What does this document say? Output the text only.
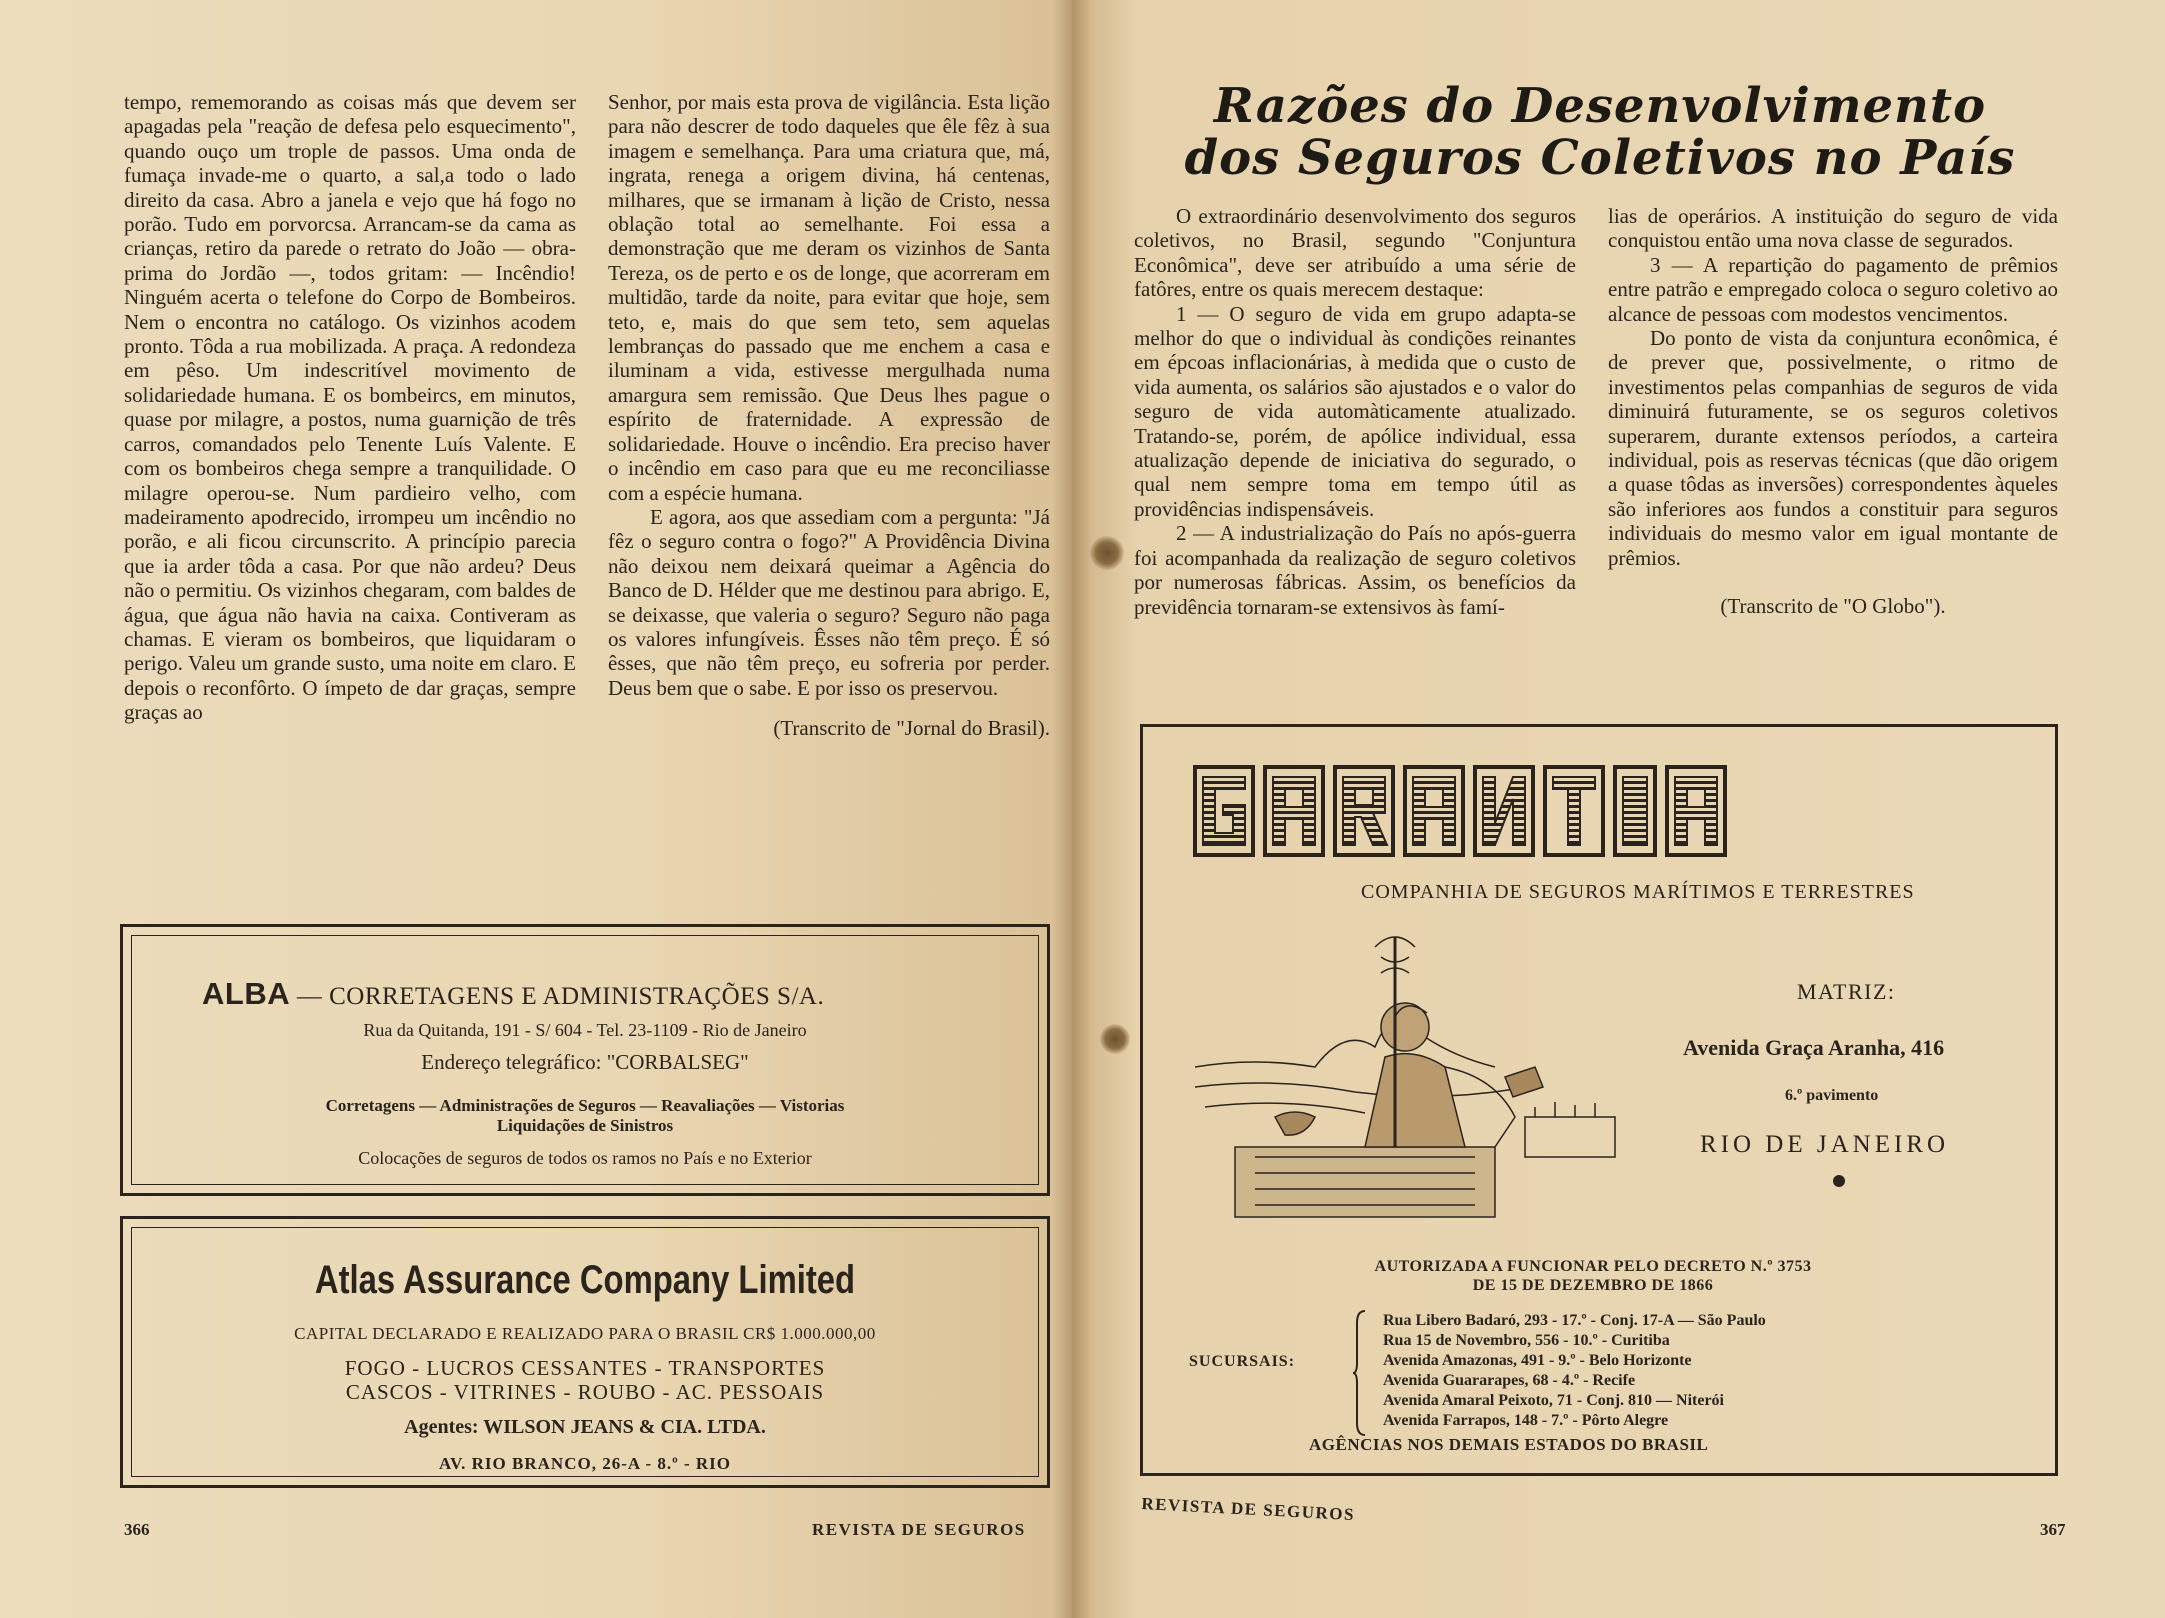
tempo, rememorando as coisas más que devem ser apagadas pela "reação de defesa pelo esquecimento", quando ouço um trople de passos. Uma onda de fumaça invade-me o quarto, a sal,a todo o lado direito da casa. Abro a janela e vejo que há fogo no porão. Tudo em porvorcsa. Arrancam-se da cama as crianças, retiro da parede o retrato do João — obra-prima do Jordão —, todos gritam: — Incêndio! Ninguém acerta o telefone do Corpo de Bombeiros. Nem o encontra no catálogo. Os vizinhos acodem pronto. Tôda a rua mobilizada. A praça. A redondeza em pêso. Um indescritível movimento de solidariedade humana. E os bombeircs, em minutos, quase por milagre, a postos, numa guarnição de três carros, comandados pelo Tenente Luís Valente. E com os bombeiros chega sempre a tranquilidade. O milagre operou-se. Num pardieiro velho, com madeiramento apodrecido, irrompeu um incêndio no porão, e ali ficou circunscrito. A princípio parecia que ia arder tôda a casa. Por que não ardeu? Deus não o permitiu. Os vizinhos chegaram, com baldes de água, que água não havia na caixa. Contiveram as chamas. E vieram os bombeiros, que liquidaram o perigo. Valeu um grande susto, uma noite em claro. E depois o reconfôrto. O ímpeto de dar graças, sempre graças ao

Senhor, por mais esta prova de vigilância. Esta lição para não descrer de todo daqueles que êle fêz à sua imagem e semelhança. Para uma criatura que, má, ingrata, renega a origem divina, há centenas, milhares, que se irmanam à lição de Cristo, nessa oblação total ao semelhante. Foi essa a demonstração que me deram os vizinhos de Santa Tereza, os de perto e os de longe, que acorreram em multidão, tarde da noite, para evitar que hoje, sem teto, e, mais do que sem teto, sem aquelas lembranças do passado que me enchem a casa e iluminam a vida, estivesse mergulhada numa amargura sem remissão. Que Deus lhes pague o espírito de fraternidade. A expressão de solidariedade. Houve o incêndio. Era preciso haver o incêndio em caso para que eu me reconciliasse com a espécie humana.

E agora, aos que assediam com a pergunta: "Já fêz o seguro contra o fogo?" A Providência Divina não deixou nem deixará queimar a Agência do Banco de D. Hélder que me destinou para abrigo. E, se deixasse, que valeria o seguro? Seguro não paga os valores infungíveis. Êsses não têm preço. É só êsses, que não têm preço, eu sofreria por perder. Deus bem que o sabe. E por isso os preservou.

(Transcrito de "Jornal do Brasil).

ALBA — CORRETAGENS E ADMINISTRAÇÕES S/A.
Rua da Quitanda, 191 - S/ 604 - Tel. 23-1109 - Rio de Janeiro
Endereço telegráfico: "CORBALSEG"
Corretagens — Administrações de Seguros — Reavaliações — Vistorias
Liquidações de Sinistros
Colocações de seguros de todos os ramos no País e no Exterior
Atlas Assurance Company Limited
CAPITAL DECLARADO E REALIZADO PARA O BRASIL CR$ 1.000.000,00
FOGO - LUCROS CESSANTES - TRANSPORTES
CASCOS - VITRINES - ROUBO - AC. PESSOAIS
Agentes: WILSON JEANS & CIA. LTDA.
AV. RIO BRANCO, 26-A - 8.º - RIO
366	REVISTA DE SEGUROS
Razões do Desenvolvimento
dos Seguros Coletivos no País

O extraordinário desenvolvimento dos seguros coletivos, no Brasil, segundo "Conjuntura Econômica", deve ser atribuído a uma série de fatôres, entre os quais merecem destaque:

1 — O seguro de vida em grupo adapta-se melhor do que o individual às condições reinantes em épcoas inflacionárias, à medida que o custo de vida aumenta, os salários são ajustados e o valor do seguro de vida automàticamente atualizado. Tratando-se, porém, de apólice individual, essa atualização depende de iniciativa do segurado, o qual nem sempre toma em tempo útil as providências indispensáveis.

2 — A industrialização do País no após-guerra foi acompanhada da realização de seguro coletivos por numerosas fábricas. Assim, os benefícios da previdência tornaram-se extensivos às famí-

lias de operários. A instituição do seguro de vida conquistou então uma nova classe de segurados.

3 — A repartição do pagamento de prêmios entre patrão e empregado coloca o seguro coletivo ao alcance de pessoas com modestos vencimentos.

Do ponto de vista da conjuntura econômica, é de prever que, possivelmente, o ritmo de investimentos pelas companhias de seguros de vida diminuirá futuramente, se os seguros coletivos superarem, durante extensos períodos, a carteira individual, pois as reservas técnicas (que dão origem a quase tôdas as inversões) correspondentes àqueles são inferiores aos fundos a constituir para seguros individuais do mesmo valor em igual montante de prêmios.

(Transcrito de "O Globo").

COMPANHIA DE SEGUROS MARÍTIMOS E TERRESTRES
MATRIZ:
Avenida Graça Aranha, 416
6.º pavimento
RIO DE JANEIRO
AUTORIZADA A FUNCIONAR PELO DECRETO N.º 3753
DE 15 DE DEZEMBRO DE 1866
SUCURSAIS:
Rua Libero Badaró, 293 - 17.º - Conj. 17-A — São Paulo
Rua 15 de Novembro, 556 - 10.º - Curitiba
Avenida Amazonas, 491 - 9.º - Belo Horizonte
Avenida Guararapes, 68 - 4.º - Recife
Avenida Amaral Peixoto, 71 - Conj. 810 — Niterói
Avenida Farrapos, 148 - 7.º - Pôrto Alegre
AGÊNCIAS NOS DEMAIS ESTADOS DO BRASIL
REVISTA DE SEGUROS
367
